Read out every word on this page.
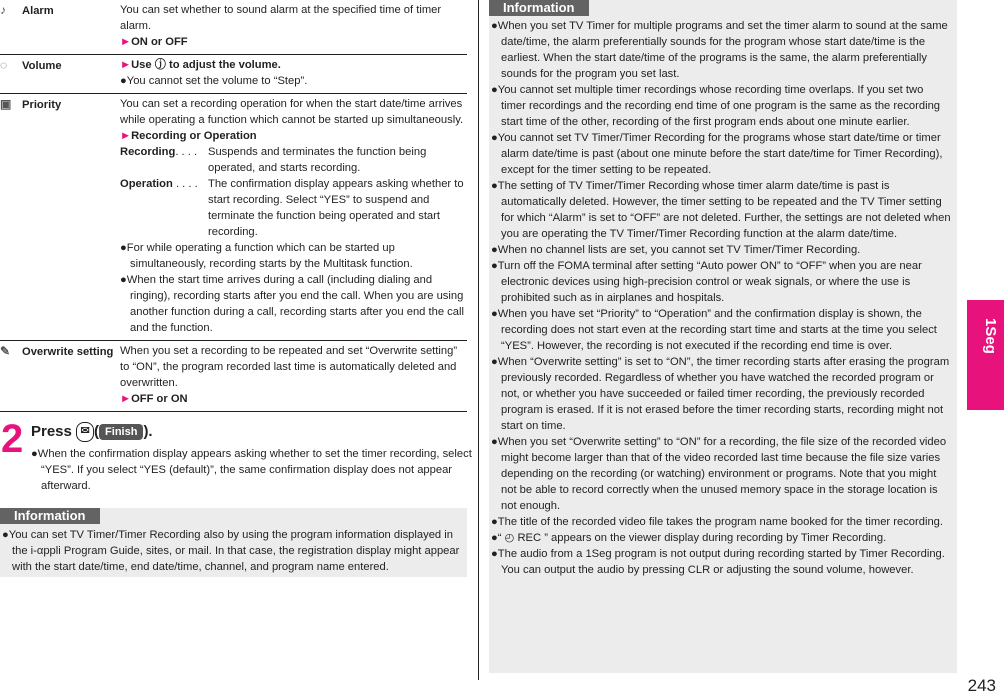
♪ Alarm	You can set whether to sound alarm at the specified time of timer alarm.
►ON or OFF
◌ Volume	►Use ⓙ to adjust the volume.
●You cannot set the volume to “Step”.
▣ Priority	You can set a recording operation for when the start date/time arrives while operating a function which cannot be started up simultaneously.
►Recording or Operation
Recording. . . . Suspends and terminates the function being operated, and starts recording.
Operation . . . . The confirmation display appears asking whether to start recording. Select “YES” to suspend and terminate the function being operated and start recording.
●For while operating a function which can be started up simultaneously, recording starts by the Multitask function.
●When the start time arrives during a call (including dialing and ringing), recording starts after you end the call. When you are using another function during a call, recording starts after you end the call and the function.
✎ Overwrite setting When you set a recording to be repeated and set “Overwrite setting” to “ON”, the program recorded last time is automatically deleted and overwritten.
►OFF or ON
2 Press ✉ ( Finish ).
●When the confirmation display appears asking whether to set the timer recording, select “YES”. If you select “YES (default)”, the same confirmation display does not appear afterward.
Information
●You can set TV Timer/Timer Recording also by using the program information displayed in the i-αppli Program Guide, sites, or mail. In that case, the registration display might appear with the start date/time, end date/time, channel, and program name entered.
Information
●When you set TV Timer for multiple programs and set the timer alarm to sound at the same date/time, the alarm preferentially sounds for the program whose start date/time is the earliest. When the start date/time of the programs is the same, the alarm preferentially sounds for the program you set last.
●You cannot set multiple timer recordings whose recording time overlaps. If you set two timer recordings and the recording end time of one program is the same as the recording start time of the other, recording of the first program ends about one minute earlier.
●You cannot set TV Timer/Timer Recording for the programs whose start date/time or timer alarm date/time is past (about one minute before the start date/time for Timer Recording), except for the timer setting to be repeated.
●The setting of TV Timer/Timer Recording whose timer alarm date/time is past is automatically deleted. However, the timer setting to be repeated and the TV Timer setting for which “Alarm” is set to “OFF” are not deleted. Further, the settings are not deleted when you are operating the TV Timer/Timer Recording function at the alarm date/time.
●When no channel lists are set, you cannot set TV Timer/Timer Recording.
●Turn off the FOMA terminal after setting “Auto power ON” to “OFF” when you are near electronic devices using high-precision control or weak signals, or where the use is prohibited such as in airplanes and hospitals.
●When you have set “Priority” to “Operation” and the confirmation display is shown, the recording does not start even at the recording start time and starts at the time you select “YES”. However, the recording is not executed if the recording end time is over.
●When “Overwrite setting” is set to “ON”, the timer recording starts after erasing the program previously recorded. Regardless of whether you have watched the recorded program or not, or whether you have succeeded or failed timer recording, the previously recorded program is erased. If it is not erased before the timer recording starts, recording might not start on time.
●When you set “Overwrite setting” to “ON” for a recording, the file size of the recorded video might become larger than that of the video recorded last time because the file size varies depending on the recording (or watching) environment or programs. Note that you might not be able to record correctly when the unused memory space in the storage location is not enough.
●The title of the recorded video file takes the program name booked for the timer recording.
●“ ◴ REC ” appears on the viewer display during recording by Timer Recording.
●The audio from a 1Seg program is not output during recording started by Timer Recording. You can output the audio by pressing CLR or adjusting the sound volume, however.
1Seg
243
